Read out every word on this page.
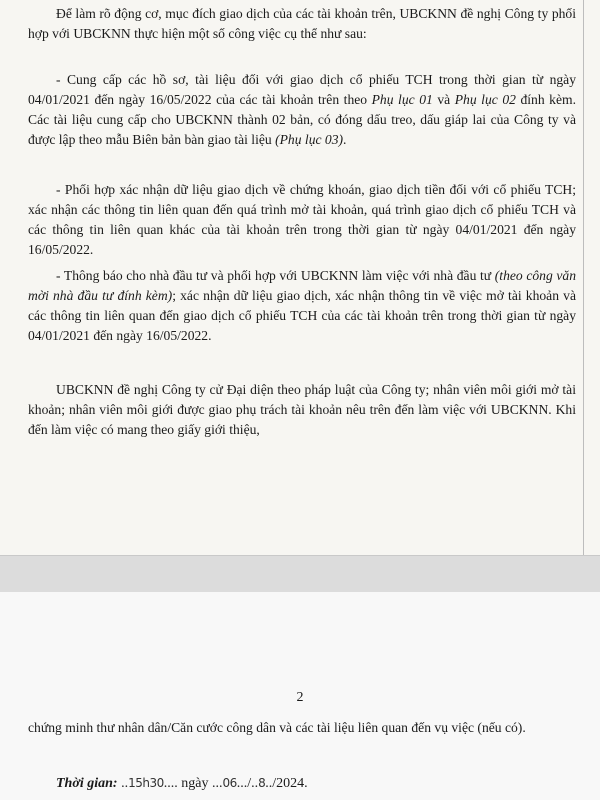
Để làm rõ động cơ, mục đích giao dịch của các tài khoản trên, UBCKNN đề nghị Công ty phối hợp với UBCKNN thực hiện một số công việc cụ thể như sau:

- Cung cấp các hồ sơ, tài liệu đối với giao dịch cổ phiếu TCH trong thời gian từ ngày 04/01/2021 đến ngày 16/05/2022 của các tài khoản trên theo Phụ lục 01 và Phụ lục 02 đính kèm. Các tài liệu cung cấp cho UBCKNN thành 02 bản, có đóng dấu treo, dấu giáp lai của Công ty và được lập theo mẫu Biên bản bàn giao tài liệu (Phụ lục 03).

- Phối hợp xác nhận dữ liệu giao dịch về chứng khoán, giao dịch tiền đối với cổ phiếu TCH; xác nhận các thông tin liên quan đến quá trình mở tài khoản, quá trình giao dịch cổ phiếu TCH và các thông tin liên quan khác của tài khoản trên trong thời gian từ ngày 04/01/2021 đến ngày 16/05/2022.

- Thông báo cho nhà đầu tư và phối hợp với UBCKNN làm việc với nhà đầu tư (theo công văn mời nhà đầu tư đính kèm); xác nhận dữ liệu giao dịch, xác nhận thông tin về việc mở tài khoản và các thông tin liên quan đến giao dịch cổ phiếu TCH của các tài khoản trên trong thời gian từ ngày 04/01/2021 đến ngày 16/05/2022.

UBCKNN đề nghị Công ty cử Đại diện theo pháp luật của Công ty; nhân viên môi giới mở tài khoản; nhân viên môi giới được giao phụ trách tài khoản nêu trên đến làm việc với UBCKNN. Khi đến làm việc có mang theo giấy giới thiệu,

2

chứng minh thư nhân dân/Căn cước công dân và các tài liệu liên quan đến vụ việc (nếu có).

Thời gian: ..15h30.... ngày ...06.../..8../2024.
